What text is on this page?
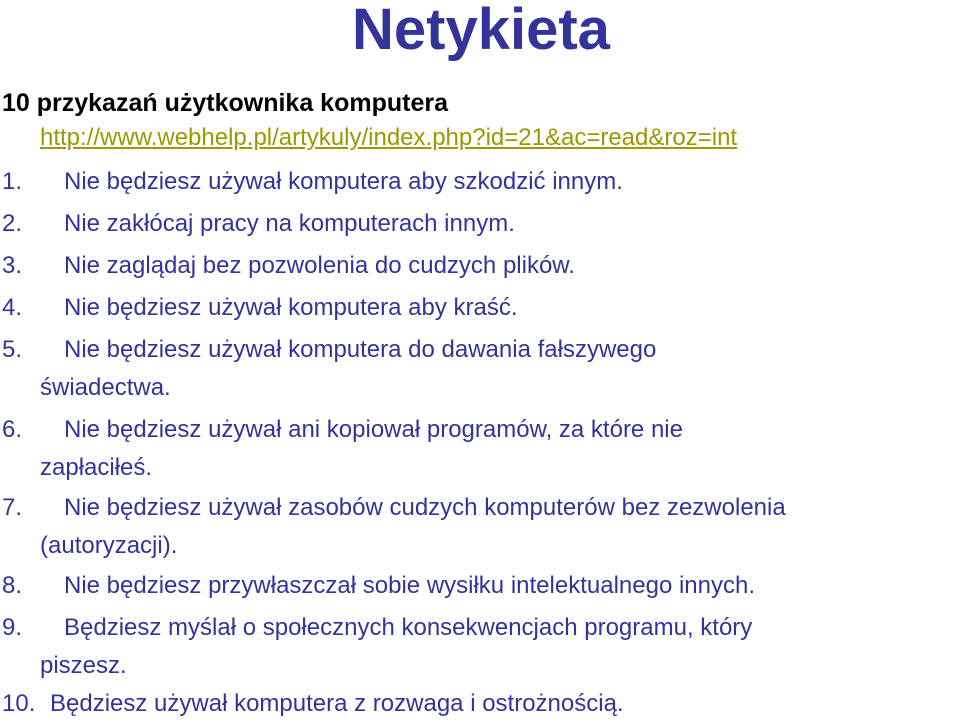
Netykieta
10 przykazań użytkownika komputera
http://www.webhelp.pl/artykuly/index.php?id=21&ac=read&roz=int
1. Nie będziesz używał komputera aby szkodzić innym.
2. Nie zakłócaj pracy na komputerach innym.
3. Nie zaglądaj bez pozwolenia do cudzych plików.
4. Nie będziesz używał komputera aby kraść.
5. Nie będziesz używał komputera do dawania fałszywego
świadectwa.
6. Nie będziesz używał ani kopiował programów, za które nie
zapłaciłeś.
7. Nie będziesz używał zasobów cudzych komputerów bez zezwolenia
(autoryzacji).
8. Nie będziesz przywłaszczał sobie wysiłku intelektualnego innych.
9. Będziesz myślał o społecznych konsekwencjach programu, który
piszesz.
10. Będziesz używał komputera z rozwaga i ostrożnością.
